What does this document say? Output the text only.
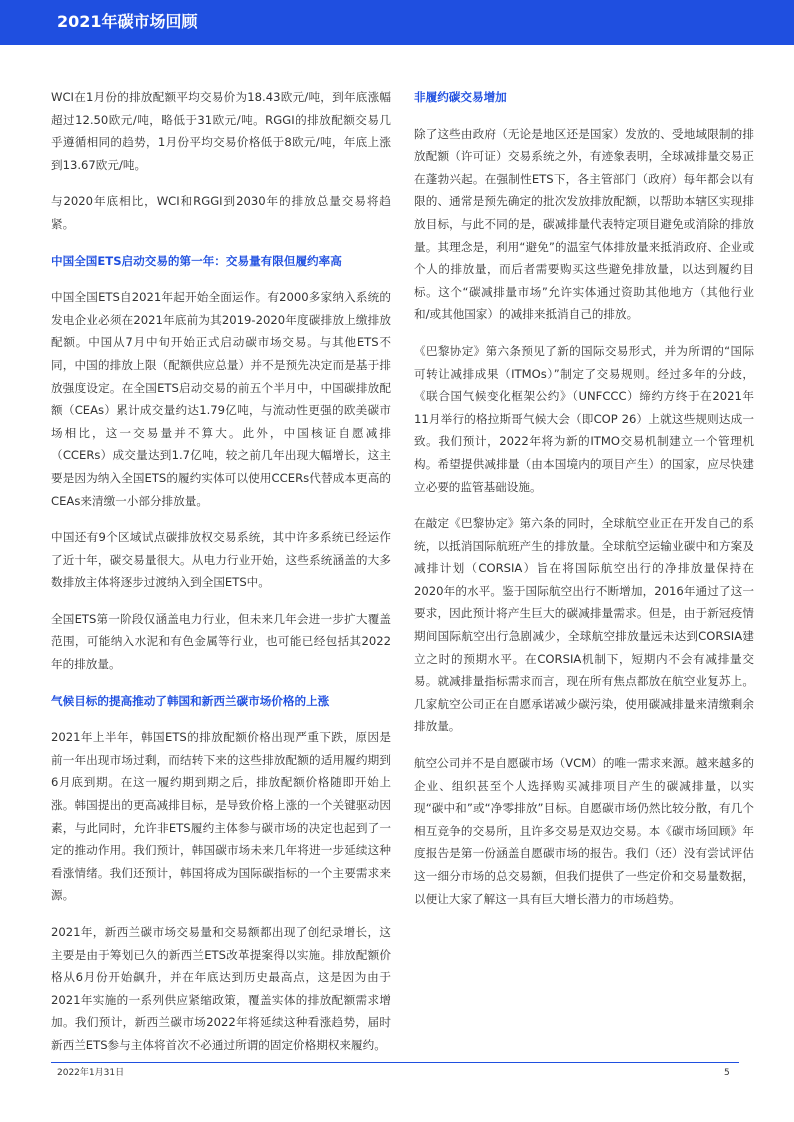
2021年碳市场回顾

WCI在1月份的排放配额平均交易价为18.43欧元/吨，到年底涨幅超过12.50欧元/吨，略低于31欧元/吨。RGGI的排放配额交易几乎遵循相同的趋势，1月份平均交易价格低于8欧元/吨，年底上涨到13.67欧元/吨。

与2020年底相比，WCI和RGGI到2030年的排放总量交易将趋紧。

中国全国ETS启动交易的第一年：交易量有限但履约率高

中国全国ETS自2021年起开始全面运作。有2000多家纳入系统的发电企业必须在2021年底前为其2019-2020年度碳排放上缴排放配额。中国从7月中旬开始正式启动碳市场交易。与其他ETS不同，中国的排放上限（配额供应总量）并不是预先决定而是基于排放强度设定。在全国ETS启动交易的前五个半月中，中国碳排放配额（CEAs）累计成交量约达1.79亿吨，与流动性更强的欧美碳市场相比，这一交易量并不算大。此外，中国核证自愿减排（CCERs）成交量达到1.7亿吨，较之前几年出现大幅增长，这主要是因为纳入全国ETS的履约实体可以使用CCERs代替成本更高的CEAs来清缴一小部分排放量。

中国还有9个区域试点碳排放权交易系统，其中许多系统已经运作了近十年，碳交易量很大。从电力行业开始，这些系统涵盖的大多数排放主体将逐步过渡纳入到全国ETS中。

全国ETS第一阶段仅涵盖电力行业，但未来几年会进一步扩大覆盖范围，可能纳入水泥和有色金属等行业，也可能已经包括其2022年的排放量。

气候目标的提高推动了韩国和新西兰碳市场价格的上涨

2021年上半年，韩国ETS的排放配额价格出现严重下跌，原因是前一年出现市场过剩，而结转下来的这些排放配额的适用履约期到6月底到期。在这一履约期到期之后，排放配额价格随即开始上涨。韩国提出的更高减排目标，是导致价格上涨的一个关键驱动因素，与此同时，允许非ETS履约主体参与碳市场的决定也起到了一定的推动作用。我们预计，韩国碳市场未来几年将进一步延续这种看涨情绪。我们还预计，韩国将成为国际碳指标的一个主要需求来源。

2021年，新西兰碳市场交易量和交易额都出现了创纪录增长，这主要是由于筹划已久的新西兰ETS改革提案得以实施。排放配额价格从6月份开始飙升，并在年底达到历史最高点，这是因为由于2021年实施的一系列供应紧缩政策，覆盖实体的排放配额需求增加。我们预计，新西兰碳市场2022年将延续这种看涨趋势，届时新西兰ETS参与主体将首次不必通过所谓的固定价格期权来履约。

非履约碳交易增加

除了这些由政府（无论是地区还是国家）发放的、受地域限制的排放配额（许可证）交易系统之外，有迹象表明，全球减排量交易正在蓬勃兴起。在强制性ETS下，各主管部门（政府）每年都会以有限的、通常是预先确定的批次发放排放配额，以帮助本辖区实现排放目标，与此不同的是，碳减排量代表特定项目避免或消除的排放量。其理念是，利用“避免”的温室气体排放量来抵消政府、企业或个人的排放量，而后者需要购买这些避免排放量，以达到履约目标。这个“碳减排量市场”允许实体通过资助其他地方（其他行业和/或其他国家）的减排来抵消自己的排放。

《巴黎协定》第六条预见了新的国际交易形式，并为所谓的“国际可转让减排成果（ITMOs）”制定了交易规则。经过多年的分歧，《联合国气候变化框架公约》（UNFCCC）缔约方终于在2021年11月举行的格拉斯哥气候大会（即COP 26）上就这些规则达成一致。我们预计，2022年将为新的ITMO交易机制建立一个管理机构。希望提供减排量（由本国境内的项目产生）的国家，应尽快建立必要的监管基础设施。

在敲定《巴黎协定》第六条的同时，全球航空业正在开发自己的系统，以抵消国际航班产生的排放量。全球航空运输业碳中和方案及减排计划（CORSIA）旨在将国际航空出行的净排放量保持在2020年的水平。鉴于国际航空出行不断增加，2016年通过了这一要求，因此预计将产生巨大的碳减排量需求。但是，由于新冠疫情期间国际航空出行急剧减少，全球航空排放量远未达到CORSIA建立之时的预期水平。在CORSIA机制下，短期内不会有减排量交易。就减排量指标需求而言，现在所有焦点都放在航空业复苏上。几家航空公司正在自愿承诺减少碳污染，使用碳减排量来清缴剩余排放量。

航空公司并不是自愿碳市场（VCM）的唯一需求来源。越来越多的企业、组织甚至个人选择购买减排项目产生的碳减排量，以实现“碳中和”或“净零排放”目标。自愿碳市场仍然比较分散，有几个相互竞争的交易所，且许多交易是双边交易。本《碳市场回顾》年度报告是第一份涵盖自愿碳市场的报告。我们（还）没有尝试评估这一细分市场的总交易额，但我们提供了一些定价和交易量数据，以便让大家了解这一具有巨大增长潜力的市场趋势。

2022年1月31日	5
